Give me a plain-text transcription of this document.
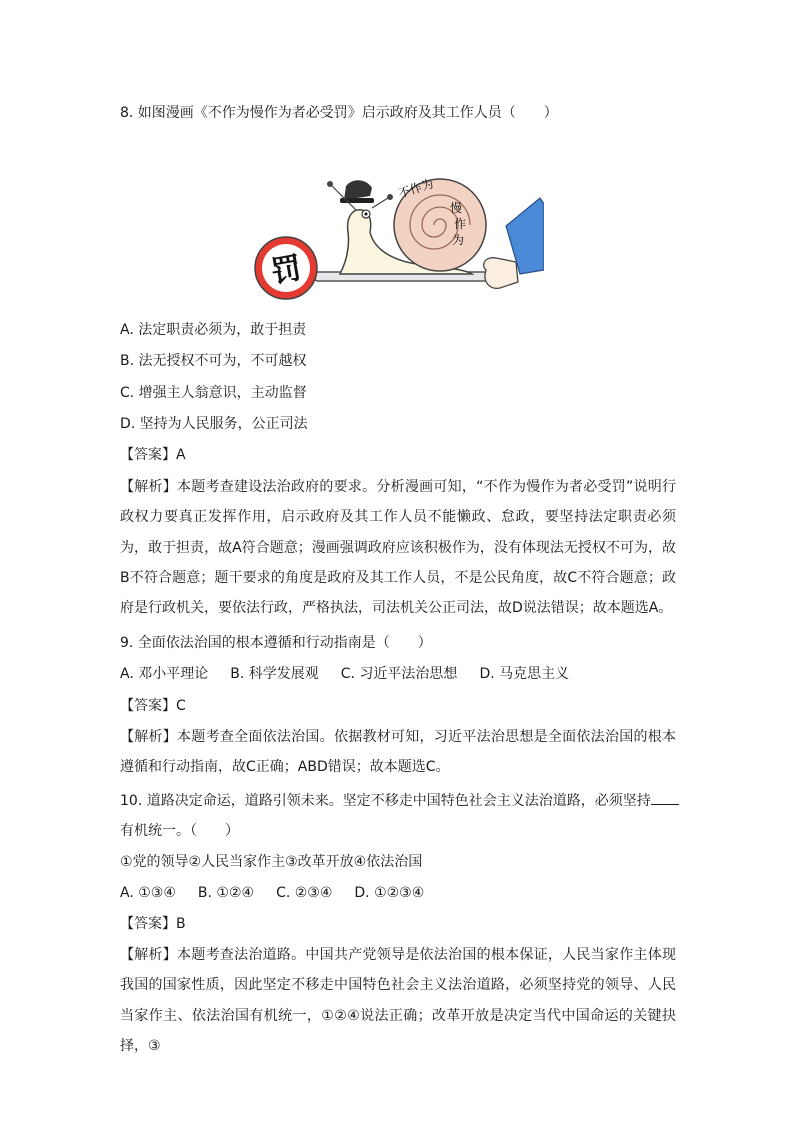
8. 如图漫画《不作为慢作为者必受罚》启示政府及其工作人员（　　）
不作为
慢
作
为
罚
A. 法定职责必须为，敢于担责
B. 法无授权不可为，不可越权
C. 增强主人翁意识，主动监督
D. 坚持为人民服务，公正司法
【答案】A
【解析】本题考查建设法治政府的要求。分析漫画可知，“不作为慢作为者必受罚”说明行政权力要真正发挥作用，启示政府及其工作人员不能懒政、怠政，要坚持法定职责必须为，敢于担责，故A符合题意；漫画强调政府应该积极作为，没有体现法无授权不可为，故B不符合题意；题干要求的角度是政府及其工作人员，不是公民角度，故C不符合题意；政府是行政机关，要依法行政，严格执法，司法机关公正司法，故D说法错误；故本题选A。
9. 全面依法治国的根本遵循和行动指南是（　　）
A. 邓小平理论 B. 科学发展观 C. 习近平法治思想 D. 马克思主义
【答案】C
【解析】本题考查全面依法治国。依据教材可知，习近平法治思想是全面依法治国的根本遵循和行动指南，故C正确；ABD错误；故本题选C。
10. 道路决定命运，道路引领未来。坚定不移走中国特色社会主义法治道路，必须坚持
有机统一。（　　）
①党的领导②人民当家作主③改革开放④依法治国
A. ①③④ B. ①②④ C. ②③④ D. ①②③④
【答案】B
【解析】本题考查法治道路。中国共产党领导是依法治国的根本保证，人民当家作主体现我国的国家性质，因此坚定不移走中国特色社会主义法治道路，必须坚持党的领导、人民当家作主、依法治国有机统一，①②④说法正确；改革开放是决定当代中国命运的关键抉择，③
